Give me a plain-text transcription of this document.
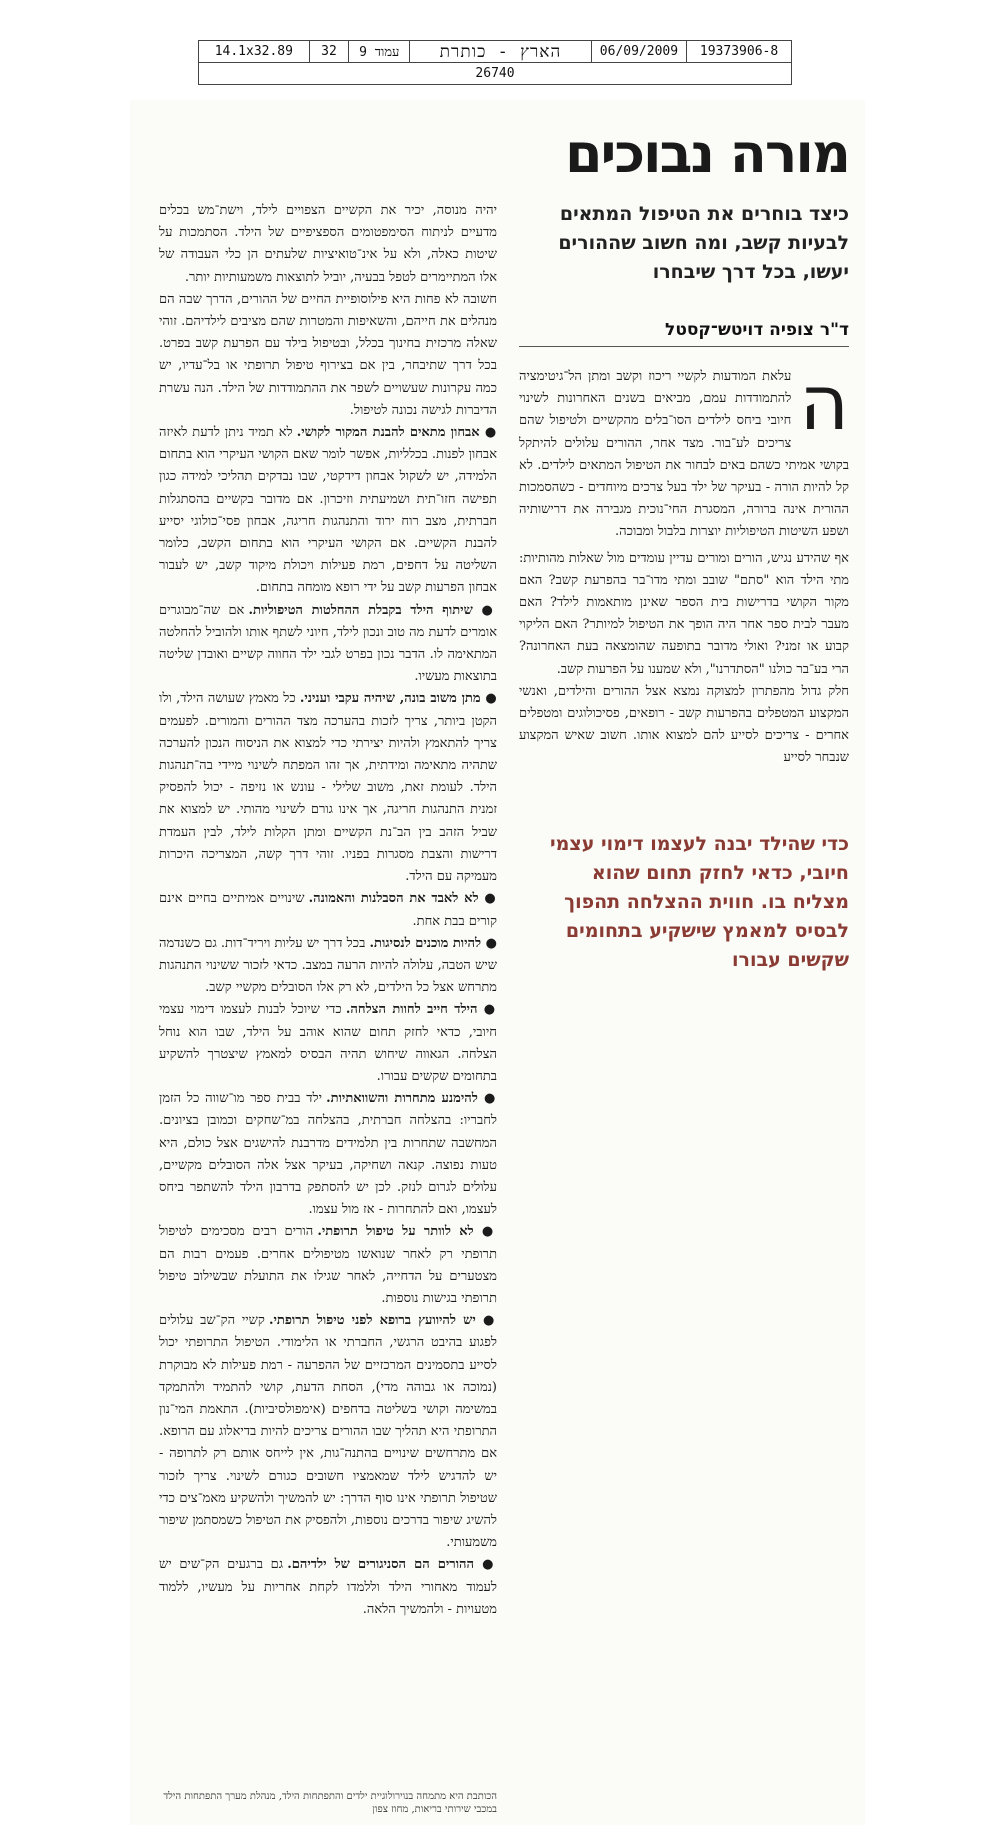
14.1x32.89	32	עמוד 9	הארץ - כותרת	06/09/2009	19373906-8
26740
מורה נבוכים
כיצד בוחרים את הטיפול המתאים לבעיות קשב, ומה חשוב שההורים יעשו, בכל דרך שיבחרו
ד"ר צופיה דויטש־קסטל
ה

עלאת המודעות לקשיי ריכוז וקשב ומתן הל־גיטימציה להתמודדות עמם, מביאים בשנים האחרונות לשינוי חיובי ביחס לילדים הסו־בלים מהקשיים ולטיפול שהם צריכים לע־בור. מצד אחר, ההורים עלולים להיתקל בקושי אמיתי כשהם באים לבחור את הטיפול המתאים לילדים. לא קל להיות הורה - בעיקר של ילד בעל צרכים מיוחדים - כשהסמכות ההורית אינה ברורה, המסגרת החי־נוכית מגבירה את דרישותיה ושפע השיטות הטיפוליות יוצרות בלבול ומבוכה.

אף שהידע נגיש, הורים ומורים עדיין עומדים מול שאלות מהותיות: מתי הילד הוא "סתם" שובב ומתי מדו־בר בהפרעת קשב? האם מקור הקושי בדרישות בית הספר שאינן מותאמות לילד? האם מעבר לבית ספר אחר היה הופך את הטיפול למיותר? האם הליקוי קבוע או זמני? ואולי מדובר בתופעה שהומצאה בעת האחרונה? הרי בע־בר כולנו "הסתדרנו", ולא שמענו על הפרעות קשב.

חלק גדול מהפתרון למצוקה נמצא אצל ההורים והילדים, ואנשי המקצוע המטפלים בהפרעות קשב - רופאים, פסיכולוגים ומטפלים אחרים - צריכים לסייע להם למצוא אותו. חשוב שאיש המקצוע שנבחר לסייע

כדי שהילד יבנה לעצמו דימוי עצמי חיובי, כדאי לחזק תחום שהוא מצליח בו. חווית ההצלחה תהפוך לבסיס למאמץ שישקיע בתחומים שקשים עבורו

יהיה מנוסה, יכיר את הקשיים הצפויים לילד, וישת־מש בכלים מדעיים לניתוח הסימפטומים הספציפיים של הילד. הסתמכות על שיטות כאלה, ולא על אינ־טואיציות שלעתים הן כלי העבודה של אלו המתיימרים לטפל בבעיה, יוביל לתוצאות משמעותיות יותר.

חשובה לא פחות היא פילוסופיית החיים של ההורים, הדרך שבה הם מנהלים את חייהם, והשאיפות והמטרות שהם מציבים לילדיהם. זוהי שאלה מרכזית בחינוך בכלל, ובטיפול בילד עם הפרעת קשב בפרט. בכל דרך שתיבחר, בין אם בצירוף טיפול תרופתי או בל־עדיו, יש כמה עקרונות שעשויים לשפר את ההתמודדות של הילד. הנה עשרת הדיברות לגישה נכונה לטיפול.

● אבחון מתאים להבנת המקור לקושי. לא תמיד ניתן לדעת לאיזה אבחון לפנות. בכלליות, אפשר לומר שאם הקושי העיקרי הוא בתחום הלמידה, יש לשקול אבחון דידקטי, שבו נבדקים תהליכי למידה כגון תפישה חזו־תית ושמיעתית וזיכרון. אם מדובר בקשיים בהסתגלות חברתית, מצב רוח ירוד והתנהגות חריגה, אבחון פסי־כולוגי יסייע להבנת הקשיים. אם הקושי העיקרי הוא בתחום הקשב, כלומר השליטה על דחפים, רמת פעילות ויכולת מיקוד קשב, יש לעבור אבחון הפרעות קשב על ידי רופא מומחה בתחום.

● שיתוף הילד בקבלת ההחלטות הטיפוליות. אם שה־מבוגרים אומרים לדעת מה טוב ונכון לילד, חיוני לשתף אותו ולהוביל להחלטה המתאימה לו. הדבר נכון בפרט לגבי ילד החווה קשיים ואובדן שליטה בתוצאות מעשיו.

● מתן משוב בונה, שיהיה עקבי ועניני. כל מאמץ שעושה הילד, ולו הקטן ביותר, צריך לזכות בהערכה מצד ההורים והמורים. לפעמים צריך להתאמץ ולהיות יצירתי כדי למצוא את הניסוח הנכון להערכה שתהיה מתאימה ומידתית, אך זהו המפתח לשינוי מיידי בה־תנהגות הילד. לעומת זאת, משוב שלילי - עונש או נזיפה - יכול להפסיק זמנית התנהגות חריגה, אך אינו גורם לשינוי מהותי. יש למצוא את שביל הזהב בין הב־נת הקשיים ומתן הקלות לילד, לבין העמדת דרישות והצבת מסגרות בפניו. זוהי דרך קשה, המצריכה היכרות מעמיקה עם הילד.

● לא לאבד את הסבלנות והאמונה. שינויים אמיתיים בחיים אינם קורים בבת אחת.

● להיות מוכנים לנסיגות. בכל דרך יש עליות ויריד־דות. גם כשנדמה שיש הטבה, עלולה להיות הרעה במצב. כדאי לזכור ששינוי התנהגות מתרחש אצל כל הילדים, לא רק אלו הסובלים מקשיי קשב.

● הילד חייב לחוות הצלחה. כדי שיוכל לבנות לעצמו דימוי עצמי חיובי, כדאי לחזק תחום שהוא אוהב על הילד, שבו הוא נוחל הצלחה. הגאווה שיחוש תהיה הבסיס למאמץ שיצטרך להשקיע בתחומים שקשים עבורו.

● להימנע מתחרות והשוואתיות. ילד בבית ספר מו־שווה כל הזמן לחבריו: בהצלחה חברתית, בהצלחה במ־שחקים וכמובן בציונים. המחשבה שתחרות בין תלמידים מדרבנת להישגים אצל כולם, היא טעות נפוצה. קנאה ושחיקה, בעיקר אצל אלה הסובלים מקשיים, עלולים לגרום לנזק. לכן יש להסתפק בדרבון הילד להשתפר ביחס לעצמו, ואם להתחרות - אז מול עצמו.

● לא לוותר על טיפול תרופתי. הורים רבים מסכימים לטיפול תרופתי רק לאחר שנואשו מטיפולים אחרים. פעמים רבות הם מצטערים על הדחייה, לאחר שגילו את התועלת שבשילוב טיפול תרופתי בגישות נוספות.

● יש להיוועץ ברופא לפני טיפול תרופתי. קשיי הק־שב עלולים לפגוע בהיבט הרגשי, החברתי או הלימודי. הטיפול התרופתי יכול לסייע בתסמינים המרכזיים של ההפרעה - רמת פעילות לא מבוקרת (נמוכה או גבוהה מדי), הסחת הדעת, קושי להתמיד ולהתמקד במשימה וקושי בשליטה בדחפים (אימפולסיביות). התאמת המי־נון התרופתי היא תהליך שבו ההורים צריכים להיות בדיאלוג עם הרופא. אם מתרחשים שינויים בהתנה־גות, אין לייחס אותם רק לתרופה - יש להדגיש לילד שמאמציו חשובים כגורם לשינוי. צריך לזכור שטיפול תרופתי אינו סוף הדרך: יש להמשיך ולהשקיע מאמ־צים כדי להשיג שיפור בדרכים נוספות, ולהפסיק את הטיפול כשמסתמן שיפור משמעותי.

● ההורים הם הסניגורים של ילדיהם. גם ברגעים הק־שים יש לעמוד מאחורי הילד וללמדו לקחת אחריות על מעשיו, ללמוד מטעויות - ולהמשיך הלאה.

הכותבת היא מתמחה בנוירולוגיית ילדים והתפתחות הילד, מנהלת מערך התפתחות הילד במכבי שירותי בריאות, מחוז צפון
